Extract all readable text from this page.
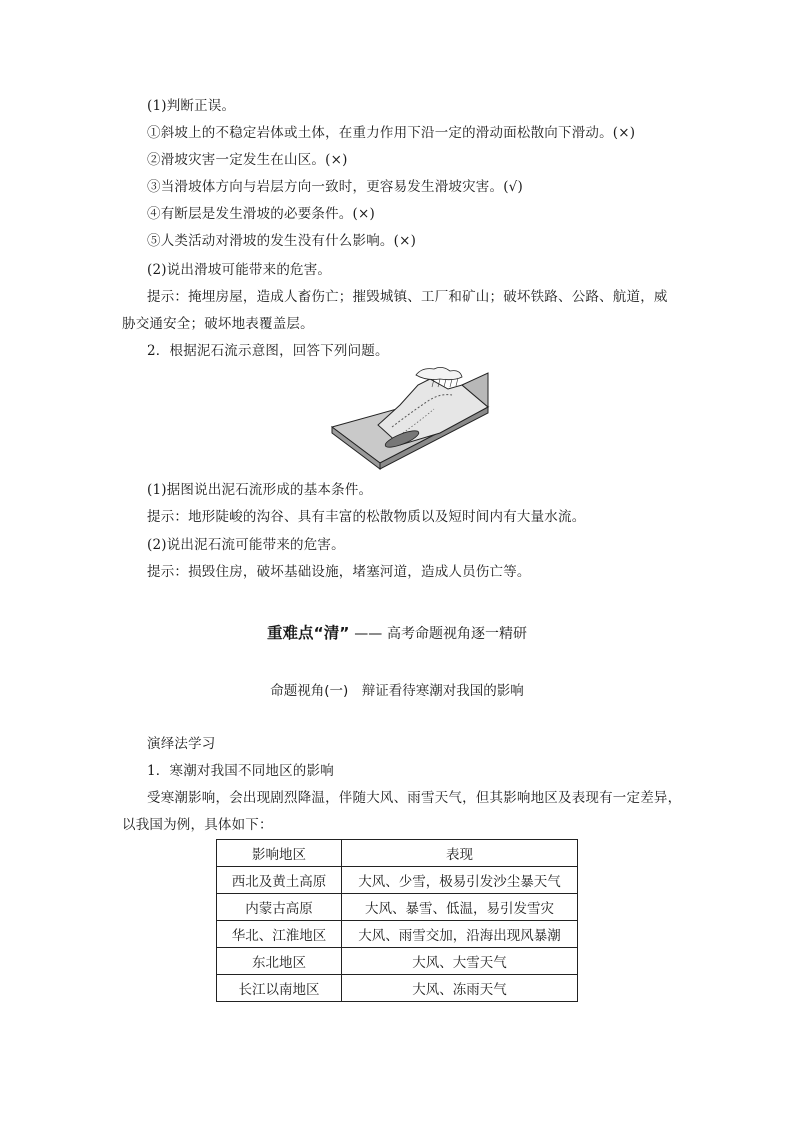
(1)判断正误。
①斜坡上的不稳定岩体或土体，在重力作用下沿一定的滑动面松散向下滑动。(×)
②滑坡灾害一定发生在山区。(×)
③当滑坡体方向与岩层方向一致时，更容易发生滑坡灾害。(√)
④有断层是发生滑坡的必要条件。(×)
⑤人类活动对滑坡的发生没有什么影响。(×)
(2)说出滑坡可能带来的危害。
提示：掩埋房屋，造成人畜伤亡；摧毁城镇、工厂和矿山；破坏铁路、公路、航道，威
胁交通安全；破坏地表覆盖层。
2．根据泥石流示意图，回答下列问题。
(1)据图说出泥石流形成的基本条件。
提示：地形陡峻的沟谷、具有丰富的松散物质以及短时间内有大量水流。
(2)说出泥石流可能带来的危害。
提示：损毁住房，破坏基础设施，堵塞河道，造成人员伤亡等。
重难点“清” —— 高考命题视角逐一精研
命题视角(一)　辩证看待寒潮对我国的影响
演绎法学习
1．寒潮对我国不同地区的影响
受寒潮影响，会出现剧烈降温，伴随大风、雨雪天气，但其影响地区及表现有一定差异，
以我国为例，具体如下：
影响地区	表现
西北及黄土高原	大风、少雪，极易引发沙尘暴天气
内蒙古高原	大风、暴雪、低温，易引发雪灾
华北、江淮地区	大风、雨雪交加，沿海出现风暴潮
东北地区	大风、大雪天气
长江以南地区	大风、冻雨天气
